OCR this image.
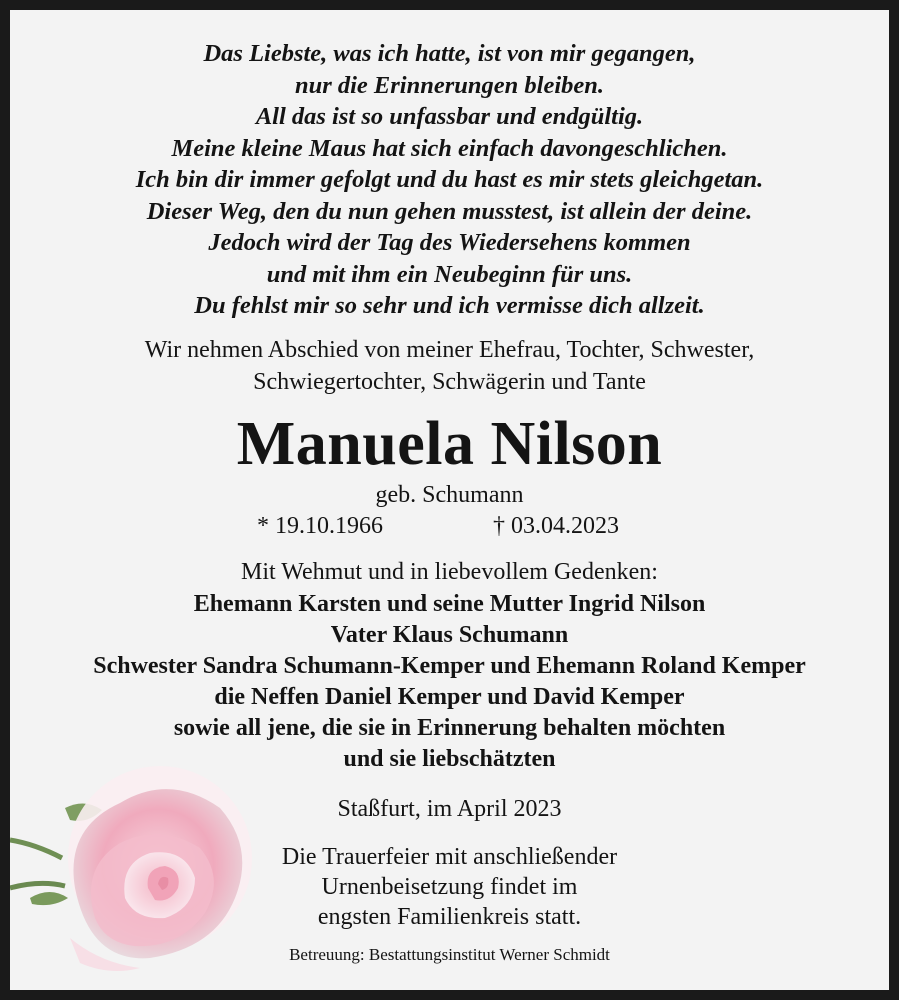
Das Liebste, was ich hatte, ist von mir gegangen,
nur die Erinnerungen bleiben.
All das ist so unfassbar und endgültig.
Meine kleine Maus hat sich einfach davongeschlichen.
Ich bin dir immer gefolgt und du hast es mir stets gleichgetan.
Dieser Weg, den du nun gehen musstest, ist allein der deine.
Jedoch wird der Tag des Wiedersehens kommen
und mit ihm ein Neubeginn für uns.
Du fehlst mir so sehr und ich vermisse dich allzeit.
Wir nehmen Abschied von meiner Ehefrau, Tochter, Schwester,
Schwiegertochter, Schwägerin und Tante
Manuela Nilson
geb. Schumann
* 19.10.1966	† 03.04.2023
Mit Wehmut und in liebevollem Gedenken:
Ehemann Karsten und seine Mutter Ingrid Nilson
Vater Klaus Schumann
Schwester Sandra Schumann-Kemper und Ehemann Roland Kemper
die Neffen Daniel Kemper und David Kemper
sowie all jene, die sie in Erinnerung behalten möchten
und sie liebschätzten
Staßfurt, im April 2023
Die Trauerfeier mit anschließender
Urnenbeisetzung findet im
engsten Familienkreis statt.
Betreuung: Bestattungsinstitut Werner Schmidt
